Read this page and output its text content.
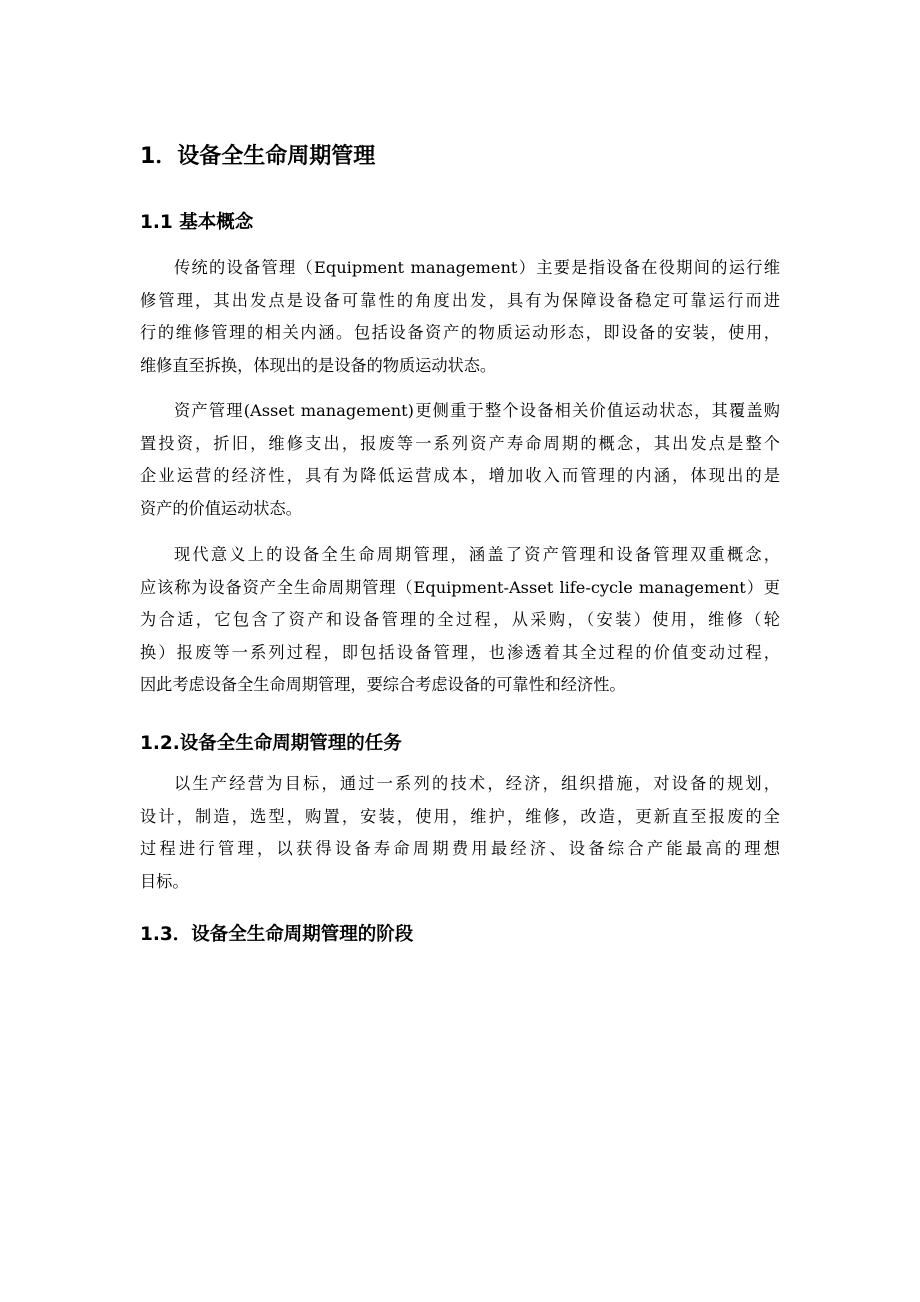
1．设备全生命周期管理
1.1 基本概念
传统的设备管理（Equipment management）主要是指设备在役期间的运行维
修管理，其出发点是设备可靠性的角度出发，具有为保障设备稳定可靠运行而进
行的维修管理的相关内涵。包括设备资产的物质运动形态，即设备的安装，使用，
维修直至拆换，体现出的是设备的物质运动状态。
资产管理(Asset management)更侧重于整个设备相关价值运动状态，其覆盖购
置投资，折旧，维修支出，报废等一系列资产寿命周期的概念，其出发点是整个
企业运营的经济性，具有为降低运营成本，增加收入而管理的内涵，体现出的是
资产的价值运动状态。
现代意义上的设备全生命周期管理，涵盖了资产管理和设备管理双重概念，
应该称为设备资产全生命周期管理（Equipment-Asset life-cycle management）更
为合适，它包含了资产和设备管理的全过程，从采购，（安装）使用，维修（轮
换）报废等一系列过程，即包括设备管理，也渗透着其全过程的价值变动过程，
因此考虑设备全生命周期管理，要综合考虑设备的可靠性和经济性。
1.2.设备全生命周期管理的任务
以生产经营为目标，通过一系列的技术，经济，组织措施，对设备的规划，
设计，制造，选型，购置，安装，使用，维护，维修，改造，更新直至报废的全
过程进行管理，以获得设备寿命周期费用最经济、设备综合产能最高的理想
目标。
1.3．设备全生命周期管理的阶段
